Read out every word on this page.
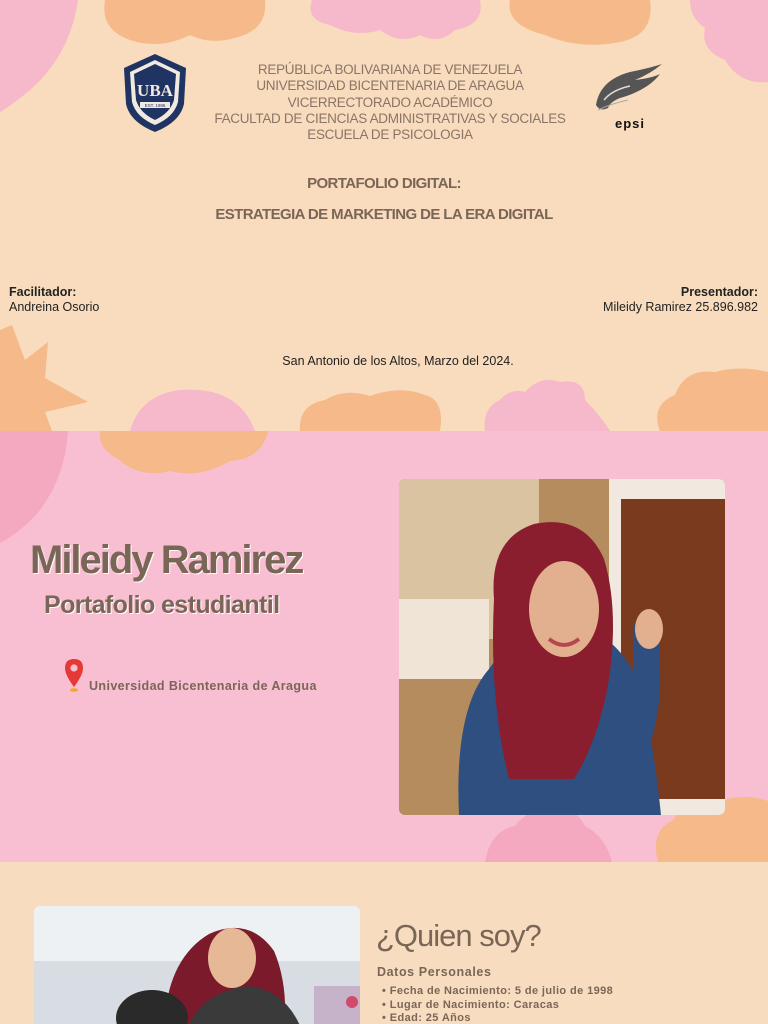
UBA
EST. 1986
REPÚBLICA BOLIVARIANA DE VENEZUELA
UNIVERSIDAD BICENTENARIA DE ARAGUA
VICERRECTORADO ACADÉMICO
FACULTAD DE CIENCIAS ADMINISTRATIVAS Y SOCIALES
ESCUELA DE PSICOLOGIA
epsi
PORTAFOLIO DIGITAL:
ESTRATEGIA DE MARKETING DE LA ERA DIGITAL
Facilitador:
Andreina Osorio
Presentador:
Mileidy Ramirez 25.896.982
San Antonio de los Altos, Marzo del 2024.
Mileidy Ramirez
Portafolio estudiantil
Universidad Bicentenaria de Aragua
¿Quien soy?
Datos Personales
• Fecha de Nacimiento: 5 de julio de 1998
• Lugar de Nacimiento: Caracas
• Edad: 25 Años
